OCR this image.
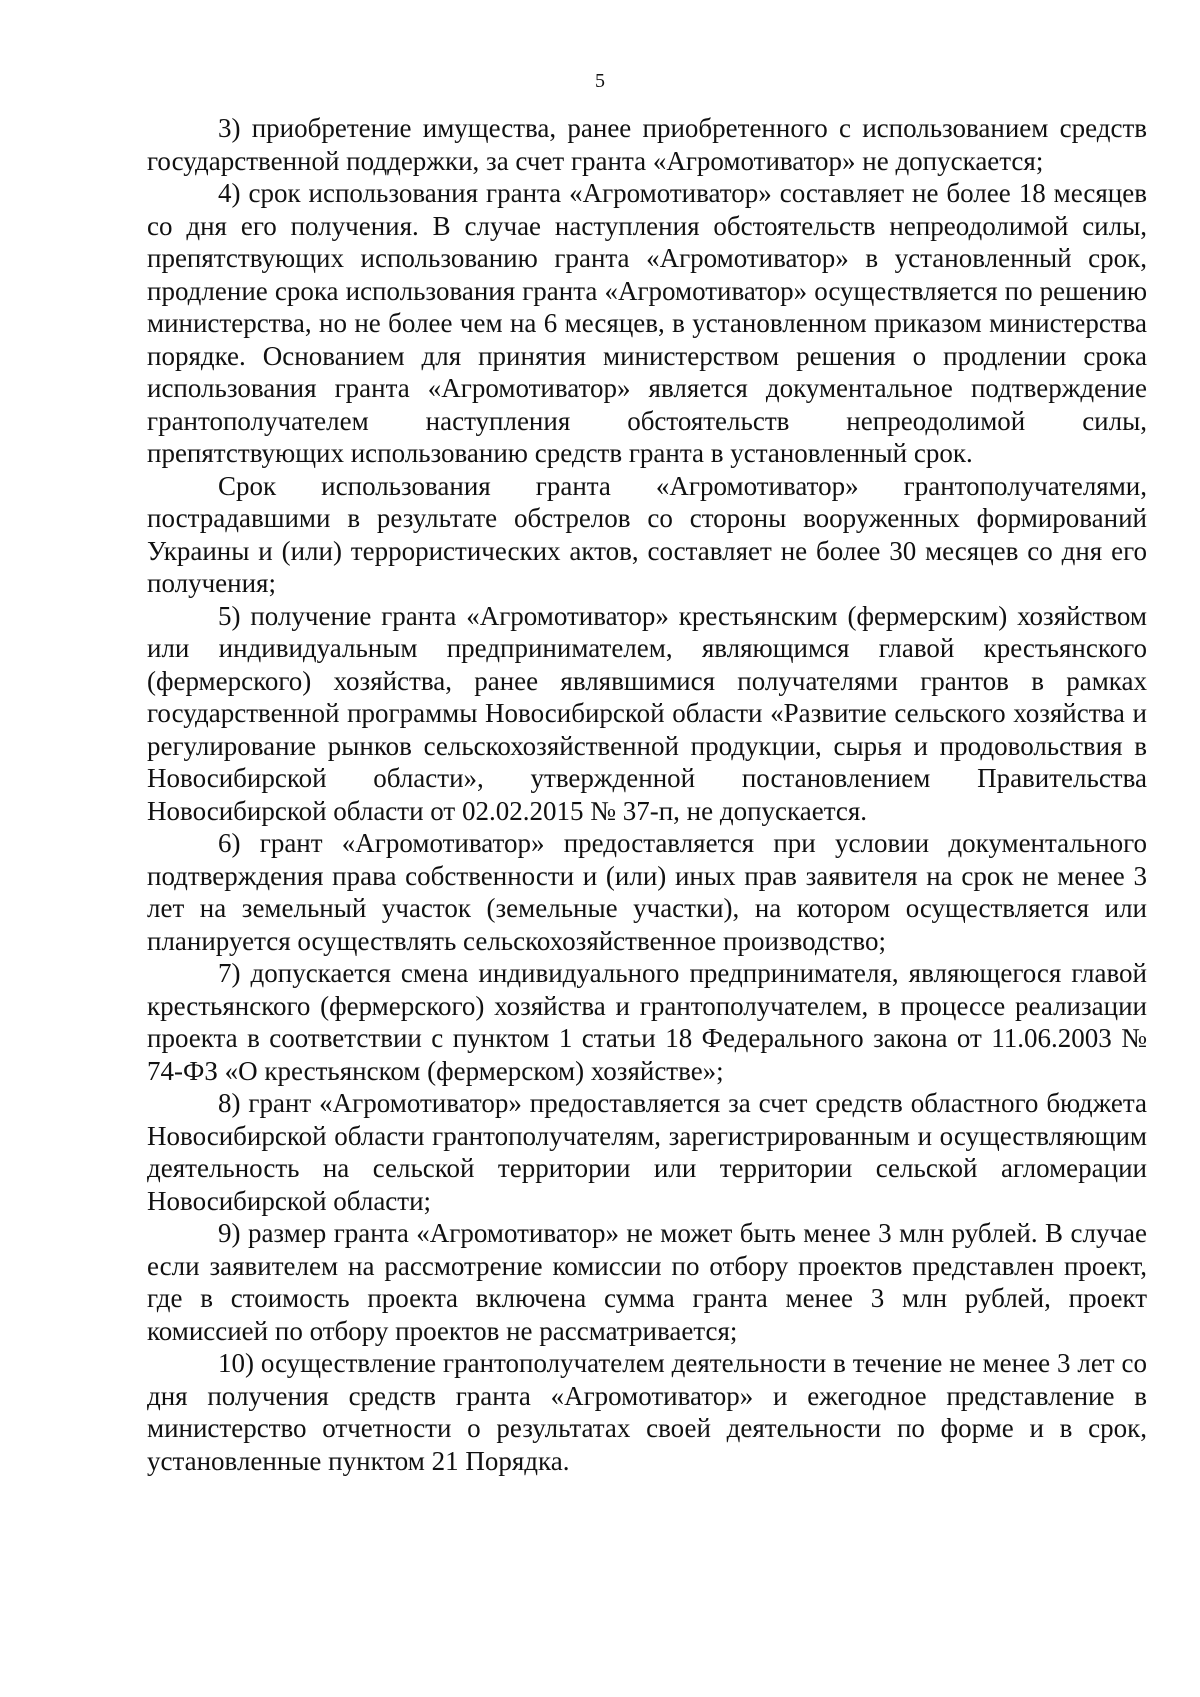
5

3) приобретение имущества, ранее приобретенного с использованием средств государственной поддержки, за счет гранта «Агромотиватор» не допускается;

4) срок использования гранта «Агромотиватор» составляет не более 18 месяцев со дня его получения. В случае наступления обстоятельств непреодолимой силы, препятствующих использованию гранта «Агромотиватор» в установленный срок, продление срока использования гранта «Агромотиватор» осуществляется по решению министерства, но не более чем на 6 месяцев, в установленном приказом министерства порядке. Основанием для принятия министерством решения о продлении срока использования гранта «Агромотиватор» является документальное подтверждение грантополучателем наступления обстоятельств непреодолимой силы, препятствующих использованию средств гранта в установленный срок.

Срок использования гранта «Агромотиватор» грантополучателями, пострадавшими в результате обстрелов со стороны вооруженных формирований Украины и (или) террористических актов, составляет не более 30 месяцев со дня его получения;

5) получение гранта «Агромотиватор» крестьянским (фермерским) хозяйством или индивидуальным предпринимателем, являющимся главой крестьянского (фермерского) хозяйства, ранее являвшимися получателями грантов в рамках государственной программы Новосибирской области «Развитие сельского хозяйства и регулирование рынков сельскохозяйственной продукции, сырья и продовольствия в Новосибирской области», утвержденной постановлением Правительства Новосибирской области от 02.02.2015 № 37-п, не допускается.

6) грант «Агромотиватор» предоставляется при условии документального подтверждения права собственности и (или) иных прав заявителя на срок не менее 3 лет на земельный участок (земельные участки), на котором осуществляется или планируется осуществлять сельскохозяйственное производство;

7) допускается смена индивидуального предпринимателя, являющегося главой крестьянского (фермерского) хозяйства и грантополучателем, в процессе реализации проекта в соответствии с пунктом 1 статьи 18 Федерального закона от 11.06.2003 № 74-ФЗ «О крестьянском (фермерском) хозяйстве»;

8) грант «Агромотиватор» предоставляется за счет средств областного бюджета Новосибирской области грантополучателям, зарегистрированным и осуществляющим деятельность на сельской территории или территории сельской агломерации Новосибирской области;

9) размер гранта «Агромотиватор» не может быть менее 3 млн рублей. В случае если заявителем на рассмотрение комиссии по отбору проектов представлен проект, где в стоимость проекта включена сумма гранта менее 3 млн рублей, проект комиссией по отбору проектов не рассматривается;

10) осуществление грантополучателем деятельности в течение не менее 3 лет со дня получения средств гранта «Агромотиватор» и ежегодное представление в министерство отчетности о результатах своей деятельности по форме и в срок, установленные пунктом 21 Порядка.
